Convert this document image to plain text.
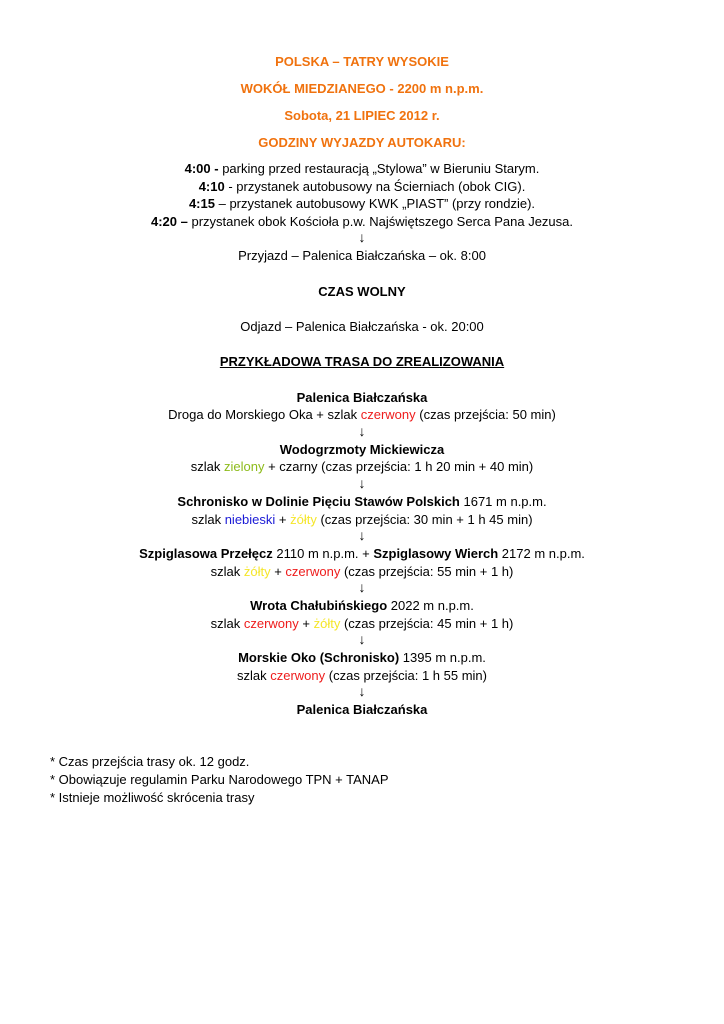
POLSKA – TATRY WYSOKIE
WOKÓŁ MIEDZIANEGO - 2200 m n.p.m.
Sobota, 21 LIPIEC 2012 r.
GODZINY WYJAZDY AUTOKARU:
4:00 - parking przed restauracją „Stylowa” w Bieruniu Starym.
4:10 - przystanek autobusowy na Ścierniach (obok CIG).
4:15 – przystanek autobusowy KWK „PIAST” (przy rondzie).
4:20 – przystanek obok Kościoła p.w. Najświętszego Serca Pana Jezusa.
↓
Przyjazd – Palenica Białczańska – ok. 8:00
CZAS WOLNY
Odjazd – Palenica Białczańska - ok. 20:00
PRZYKŁADOWA TRASA DO ZREALIZOWANIA
Palenica Białczańska
Droga do Morskiego Oka + szlak czerwony (czas przejścia: 50 min)
↓
Wodogrzmoty Mickiewicza
szlak zielony + czarny (czas przejścia: 1 h 20 min + 40 min)
↓
Schronisko w Dolinie Pięciu Stawów Polskich 1671 m n.p.m.
szlak niebieski + żółty (czas przejścia: 30 min + 1 h 45 min)
↓
Szpiglasowa Przełęcz 2110 m n.p.m. + Szpiglasowy Wierch 2172 m n.p.m.
szlak żółty + czerwony (czas przejścia: 55 min + 1 h)
↓
Wrota Chałubińskiego 2022 m n.p.m.
szlak czerwony + żółty (czas przejścia: 45 min + 1 h)
↓
Morskie Oko (Schronisko) 1395 m n.p.m.
szlak czerwony (czas przejścia: 1 h 55 min)
↓
Palenica Białczańska
* Czas przejścia trasy ok. 12 godz.
* Obowiązuje regulamin Parku Narodowego TPN + TANAP
* Istnieje możliwość skrócenia trasy
